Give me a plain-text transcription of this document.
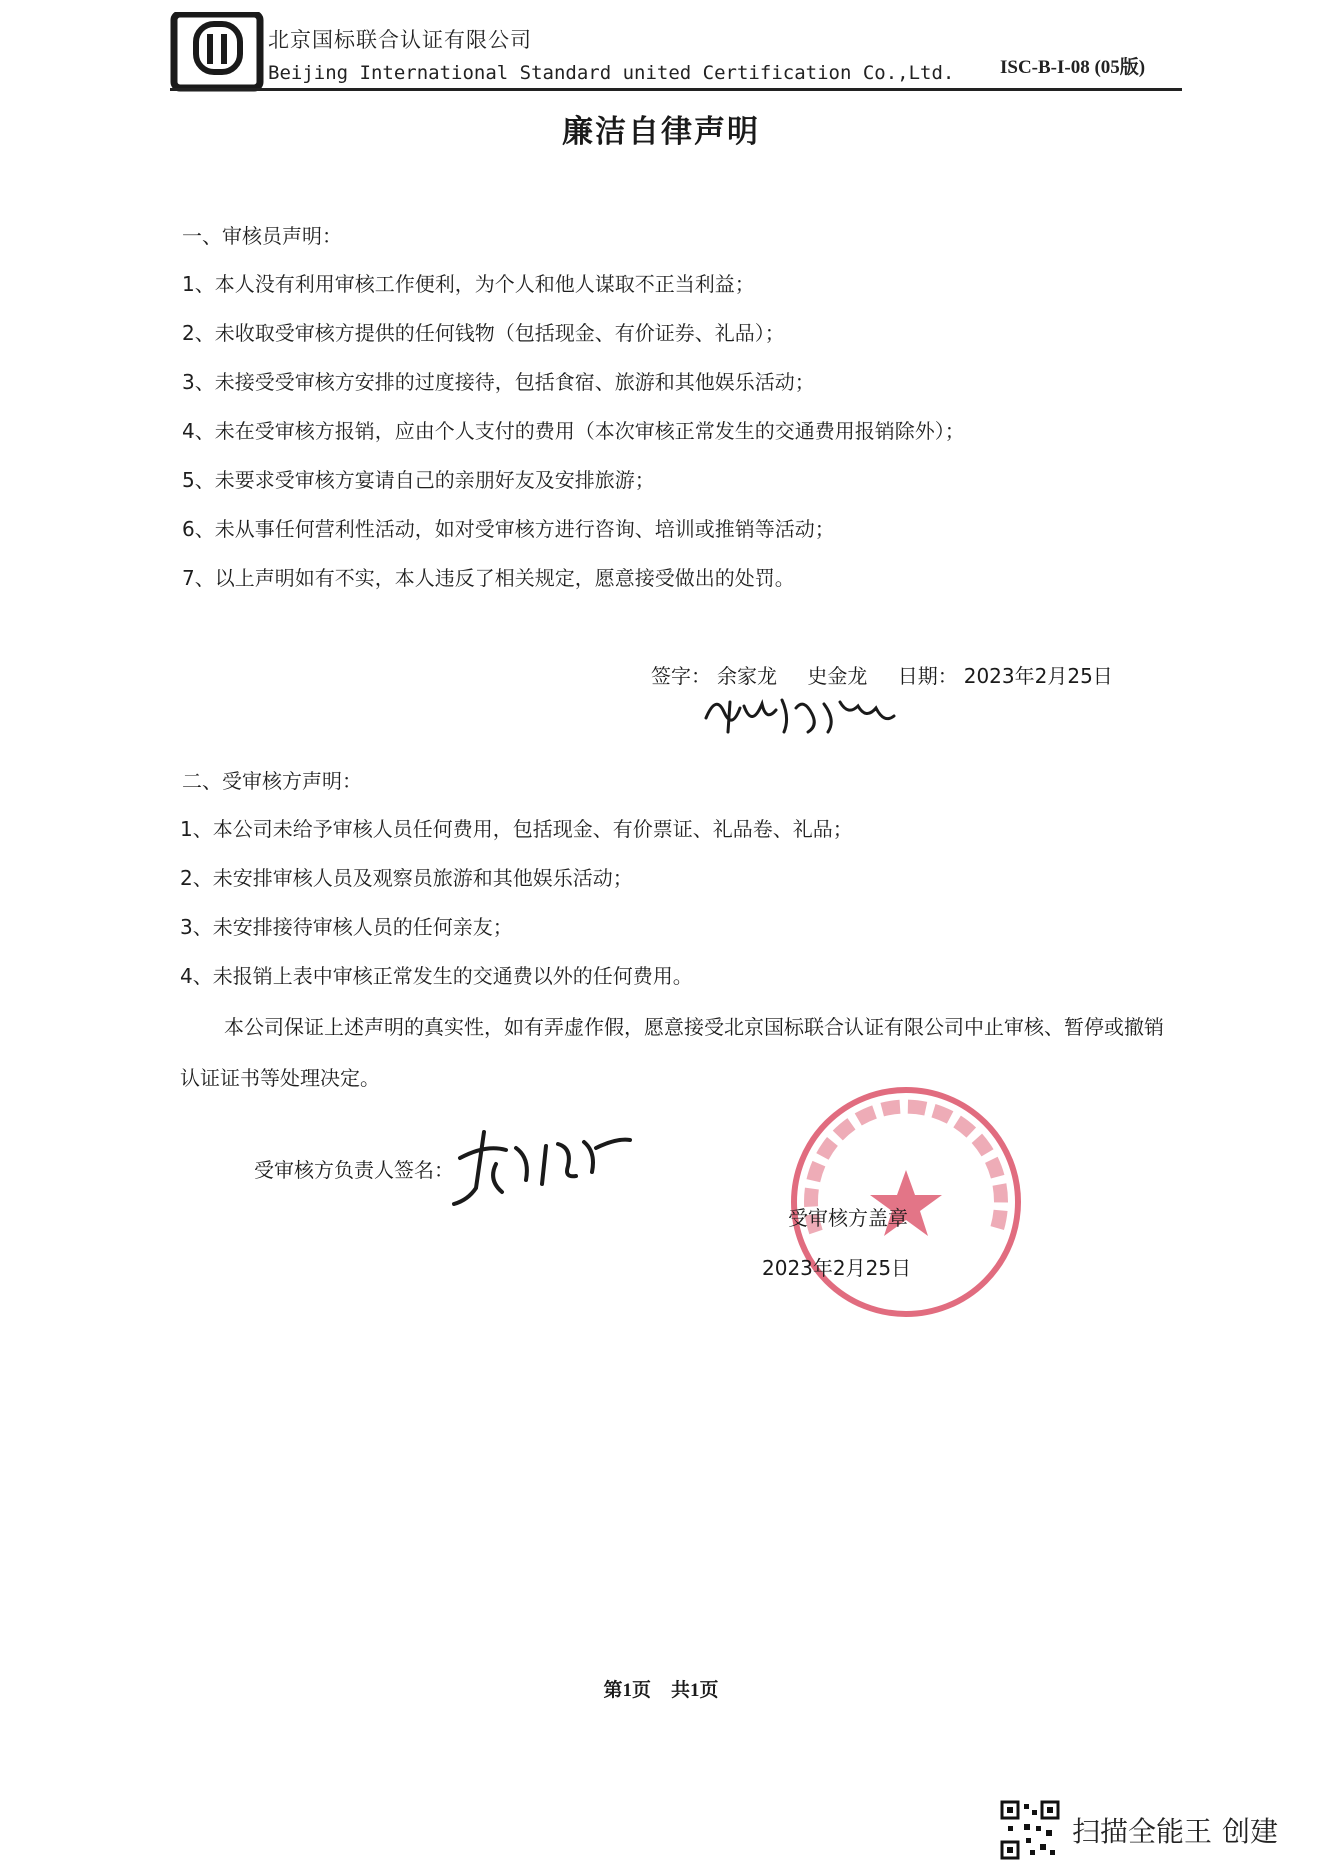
北京国标联合认证有限公司
Beijing International Standard united Certification Co.,Ltd. ISC-B-I-08 (05版)
廉洁自律声明
一、审核员声明：
1、本人没有利用审核工作便利，为个人和他人谋取不正当利益；
2、未收取受审核方提供的任何钱物（包括现金、有价证券、礼品）；
3、未接受受审核方安排的过度接待，包括食宿、旅游和其他娱乐活动；
4、未在受审核方报销，应由个人支付的费用（本次审核正常发生的交通费用报销除外）；
5、未要求受审核方宴请自己的亲朋好友及安排旅游；
6、未从事任何营利性活动，如对受审核方进行咨询、培训或推销等活动；
7、以上声明如有不实，本人违反了相关规定，愿意接受做出的处罚。
签字： 余家龙 史金龙 日期： 2023年2月25日
二、受审核方声明：
1、本公司未给予审核人员任何费用，包括现金、有价票证、礼品卷、礼品；
2、未安排审核人员及观察员旅游和其他娱乐活动；
3、未安排接待审核人员的任何亲友；
4、未报销上表中审核正常发生的交通费以外的任何费用。
本公司保证上述声明的真实性，如有弄虚作假，愿意接受北京国标联合认证有限公司中止审核、暂停或撤销认证证书等处理决定。
受审核方负责人签名：
受审核方盖章
2023年2月25日
第1页 共1页
扫描全能王 创建
